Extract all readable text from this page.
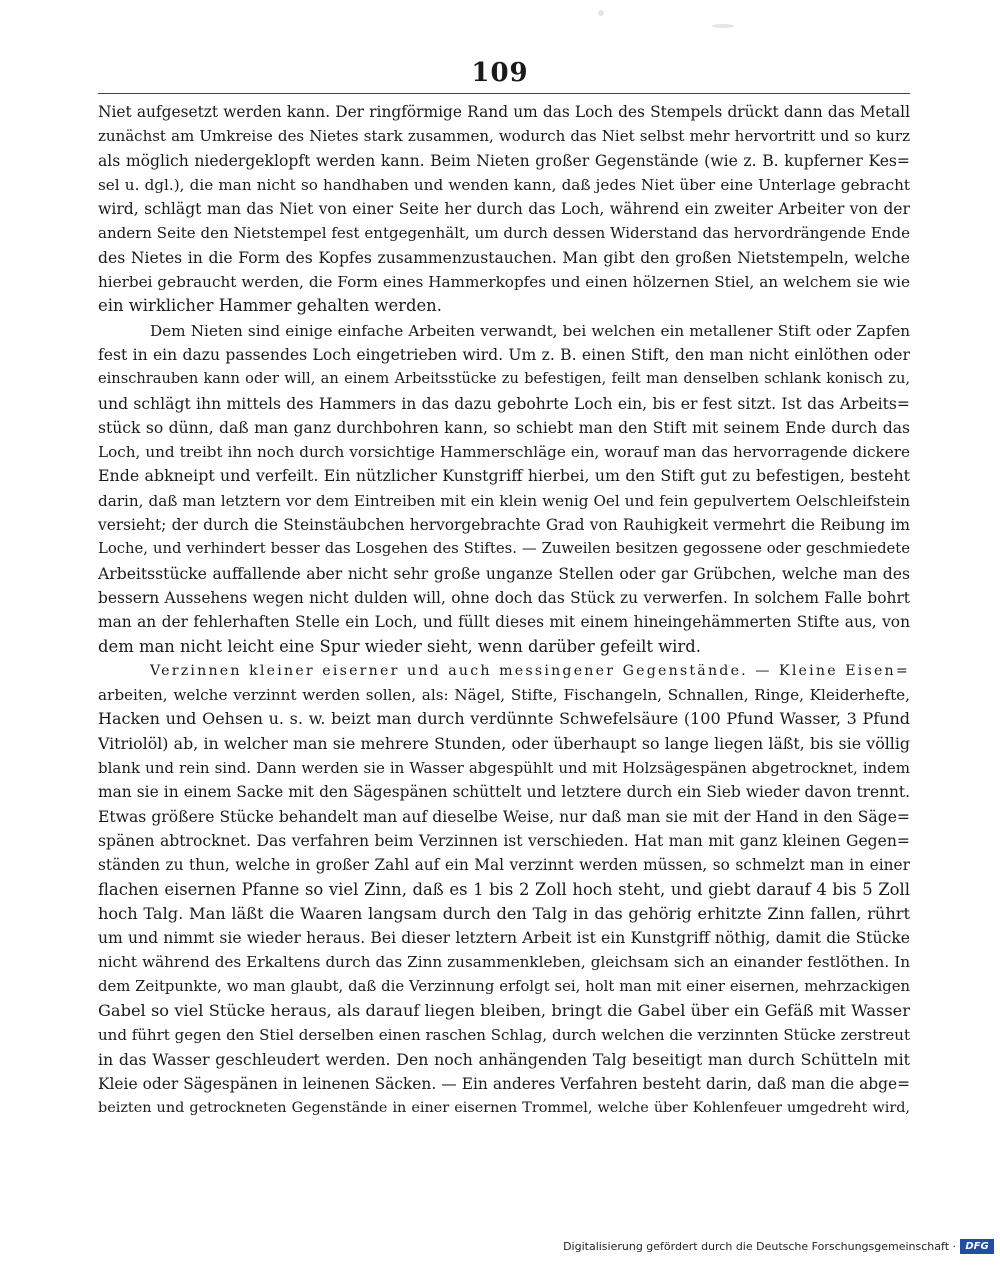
109
Niet aufgesetzt werden kann. Der ringförmige Rand um das Loch des Stempels drückt dann das Metall
zunächst am Umkreise des Nietes stark zusammen, wodurch das Niet selbst mehr hervortritt und so kurz
als möglich niedergeklopft werden kann. Beim Nieten großer Gegenstände (wie z. B. kupferner Kes=
sel u. dgl.), die man nicht so handhaben und wenden kann, daß jedes Niet über eine Unterlage gebracht
wird, schlägt man das Niet von einer Seite her durch das Loch, während ein zweiter Arbeiter von der
andern Seite den Nietstempel fest entgegenhält, um durch dessen Widerstand das hervordrängende Ende
des Nietes in die Form des Kopfes zusammenzustauchen. Man gibt den großen Nietstempeln, welche
hierbei gebraucht werden, die Form eines Hammerkopfes und einen hölzernen Stiel, an welchem sie wie
ein wirklicher Hammer gehalten werden.
Dem Nieten sind einige einfache Arbeiten verwandt, bei welchen ein metallener Stift oder Zapfen
fest in ein dazu passendes Loch eingetrieben wird. Um z. B. einen Stift, den man nicht einlöthen oder
einschrauben kann oder will, an einem Arbeitsstücke zu befestigen, feilt man denselben schlank konisch zu,
und schlägt ihn mittels des Hammers in das dazu gebohrte Loch ein, bis er fest sitzt. Ist das Arbeits=
stück so dünn, daß man ganz durchbohren kann, so schiebt man den Stift mit seinem Ende durch das
Loch, und treibt ihn noch durch vorsichtige Hammerschläge ein, worauf man das hervorragende dickere
Ende abkneipt und verfeilt. Ein nützlicher Kunstgriff hierbei, um den Stift gut zu befestigen, besteht
darin, daß man letztern vor dem Eintreiben mit ein klein wenig Oel und fein gepulvertem Oelschleifstein
versieht; der durch die Steinstäubchen hervorgebrachte Grad von Rauhigkeit vermehrt die Reibung im
Loche, und verhindert besser das Losgehen des Stiftes. — Zuweilen besitzen gegossene oder geschmiedete
Arbeitsstücke auffallende aber nicht sehr große unganze Stellen oder gar Grübchen, welche man des
bessern Aussehens wegen nicht dulden will, ohne doch das Stück zu verwerfen. In solchem Falle bohrt
man an der fehlerhaften Stelle ein Loch, und füllt dieses mit einem hineingehämmerten Stifte aus, von
dem man nicht leicht eine Spur wieder sieht, wenn darüber gefeilt wird.
Verzinnen kleiner eiserner und auch messingener Gegenstände. — Kleine Eisen=
arbeiten, welche verzinnt werden sollen, als: Nägel, Stifte, Fischangeln, Schnallen, Ringe, Kleiderhefte,
Hacken und Oehsen u. s. w. beizt man durch verdünnte Schwefelsäure (100 Pfund Wasser, 3 Pfund
Vitriolöl) ab, in welcher man sie mehrere Stunden, oder überhaupt so lange liegen läßt, bis sie völlig
blank und rein sind. Dann werden sie in Wasser abgespühlt und mit Holzsägespänen abgetrocknet, indem
man sie in einem Sacke mit den Sägespänen schüttelt und letztere durch ein Sieb wieder davon trennt.
Etwas größere Stücke behandelt man auf dieselbe Weise, nur daß man sie mit der Hand in den Säge=
spänen abtrocknet. Das verfahren beim Verzinnen ist verschieden. Hat man mit ganz kleinen Gegen=
ständen zu thun, welche in großer Zahl auf ein Mal verzinnt werden müssen, so schmelzt man in einer
flachen eisernen Pfanne so viel Zinn, daß es 1 bis 2 Zoll hoch steht, und giebt darauf 4 bis 5 Zoll
hoch Talg. Man läßt die Waaren langsam durch den Talg in das gehörig erhitzte Zinn fallen, rührt
um und nimmt sie wieder heraus. Bei dieser letztern Arbeit ist ein Kunstgriff nöthig, damit die Stücke
nicht während des Erkaltens durch das Zinn zusammenkleben, gleichsam sich an einander festlöthen. In
dem Zeitpunkte, wo man glaubt, daß die Verzinnung erfolgt sei, holt man mit einer eisernen, mehrzackigen
Gabel so viel Stücke heraus, als darauf liegen bleiben, bringt die Gabel über ein Gefäß mit Wasser
und führt gegen den Stiel derselben einen raschen Schlag, durch welchen die verzinnten Stücke zerstreut
in das Wasser geschleudert werden. Den noch anhängenden Talg beseitigt man durch Schütteln mit
Kleie oder Sägespänen in leinenen Säcken. — Ein anderes Verfahren besteht darin, daß man die abge=
beizten und getrockneten Gegenstände in einer eisernen Trommel, welche über Kohlenfeuer umgedreht wird,
Digitalisierung gefördert durch die Deutsche Forschungsgemeinschaft · DFG
